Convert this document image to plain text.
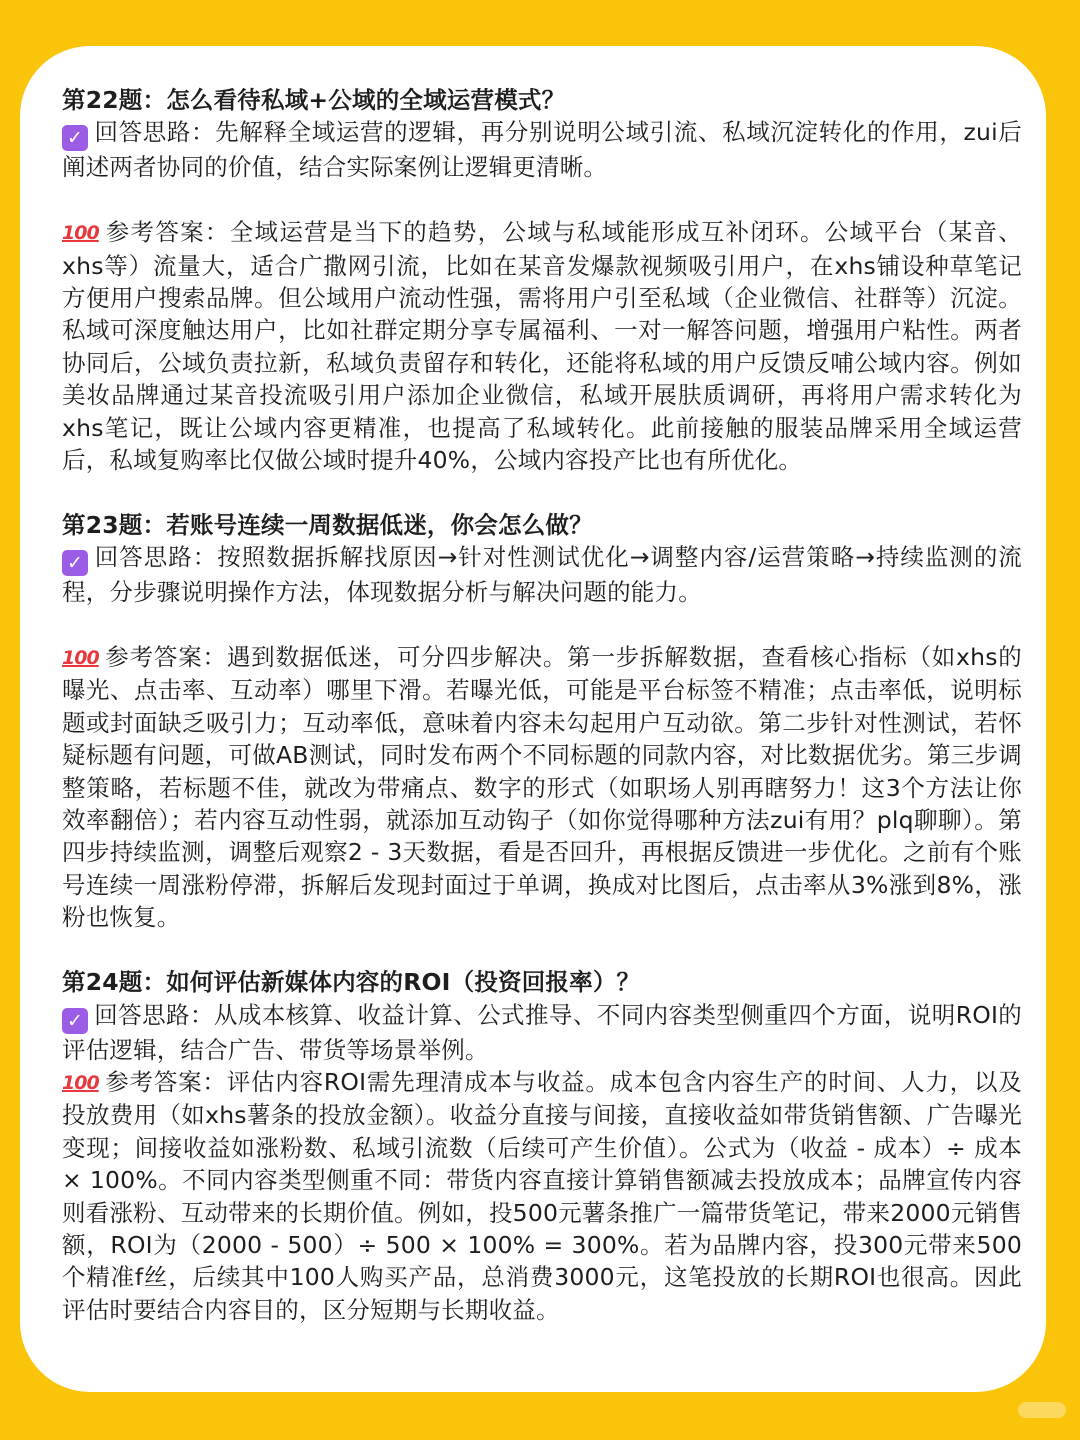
第22题：怎么看待私域+公域的全域运营模式？

✓ 回答思路：先解释全域运营的逻辑，再分别说明公域引流、私域沉淀转化的作用，zui后阐述两者协同的价值，结合实际案例让逻辑更清晰。

100 参考答案：全域运营是当下的趋势，公域与私域能形成互补闭环。公域平台（某音、xhs等）流量大，适合广撒网引流，比如在某音发爆款视频吸引用户，在xhs铺设种草笔记方便用户搜索品牌。但公域用户流动性强，需将用户引至私域（企业微信、社群等）沉淀。私域可深度触达用户，比如社群定期分享专属福利、一对一解答问题，增强用户粘性。两者协同后，公域负责拉新，私域负责留存和转化，还能将私域的用户反馈反哺公域内容。例如美妆品牌通过某音投流吸引用户添加企业微信，私域开展肤质调研，再将用户需求转化为xhs笔记，既让公域内容更精准，也提高了私域转化。此前接触的服装品牌采用全域运营后，私域复购率比仅做公域时提升40%，公域内容投产比也有所优化。

第23题：若账号连续一周数据低迷，你会怎么做？

✓ 回答思路：按照数据拆解找原因→针对性测试优化→调整内容/运营策略→持续监测的流程，分步骤说明操作方法，体现数据分析与解决问题的能力。

100 参考答案：遇到数据低迷，可分四步解决。第一步拆解数据，查看核心指标（如xhs的曝光、点击率、互动率）哪里下滑。若曝光低，可能是平台标签不精准；点击率低，说明标题或封面缺乏吸引力；互动率低，意味着内容未勾起用户互动欲。第二步针对性测试，若怀疑标题有问题，可做AB测试，同时发布两个不同标题的同款内容，对比数据优劣。第三步调整策略，若标题不佳，就改为带痛点、数字的形式（如职场人别再瞎努力！这3个方法让你效率翻倍）；若内容互动性弱，就添加互动钩子（如你觉得哪种方法zui有用？plq聊聊）。第四步持续监测，调整后观察2 - 3天数据，看是否回升，再根据反馈进一步优化。之前有个账号连续一周涨粉停滞，拆解后发现封面过于单调，换成对比图后，点击率从3%涨到8%，涨粉也恢复。

第24题：如何评估新媒体内容的ROI（投资回报率）？

✓ 回答思路：从成本核算、收益计算、公式推导、不同内容类型侧重四个方面，说明ROI的评估逻辑，结合广告、带货等场景举例。

100 参考答案：评估内容ROI需先理清成本与收益。成本包含内容生产的时间、人力，以及投放费用（如xhs薯条的投放金额）。收益分直接与间接，直接收益如带货销售额、广告曝光变现；间接收益如涨粉数、私域引流数（后续可产生价值）。公式为（收益 - 成本）÷ 成本 × 100%。不同内容类型侧重不同：带货内容直接计算销售额减去投放成本；品牌宣传内容则看涨粉、互动带来的长期价值。例如，投500元薯条推广一篇带货笔记，带来2000元销售额，ROI为（2000 - 500）÷ 500 × 100% = 300%。若为品牌内容，投300元带来500个精准f丝，后续其中100人购买产品，总消费3000元，这笔投放的长期ROI也很高。因此评估时要结合内容目的，区分短期与长期收益。
